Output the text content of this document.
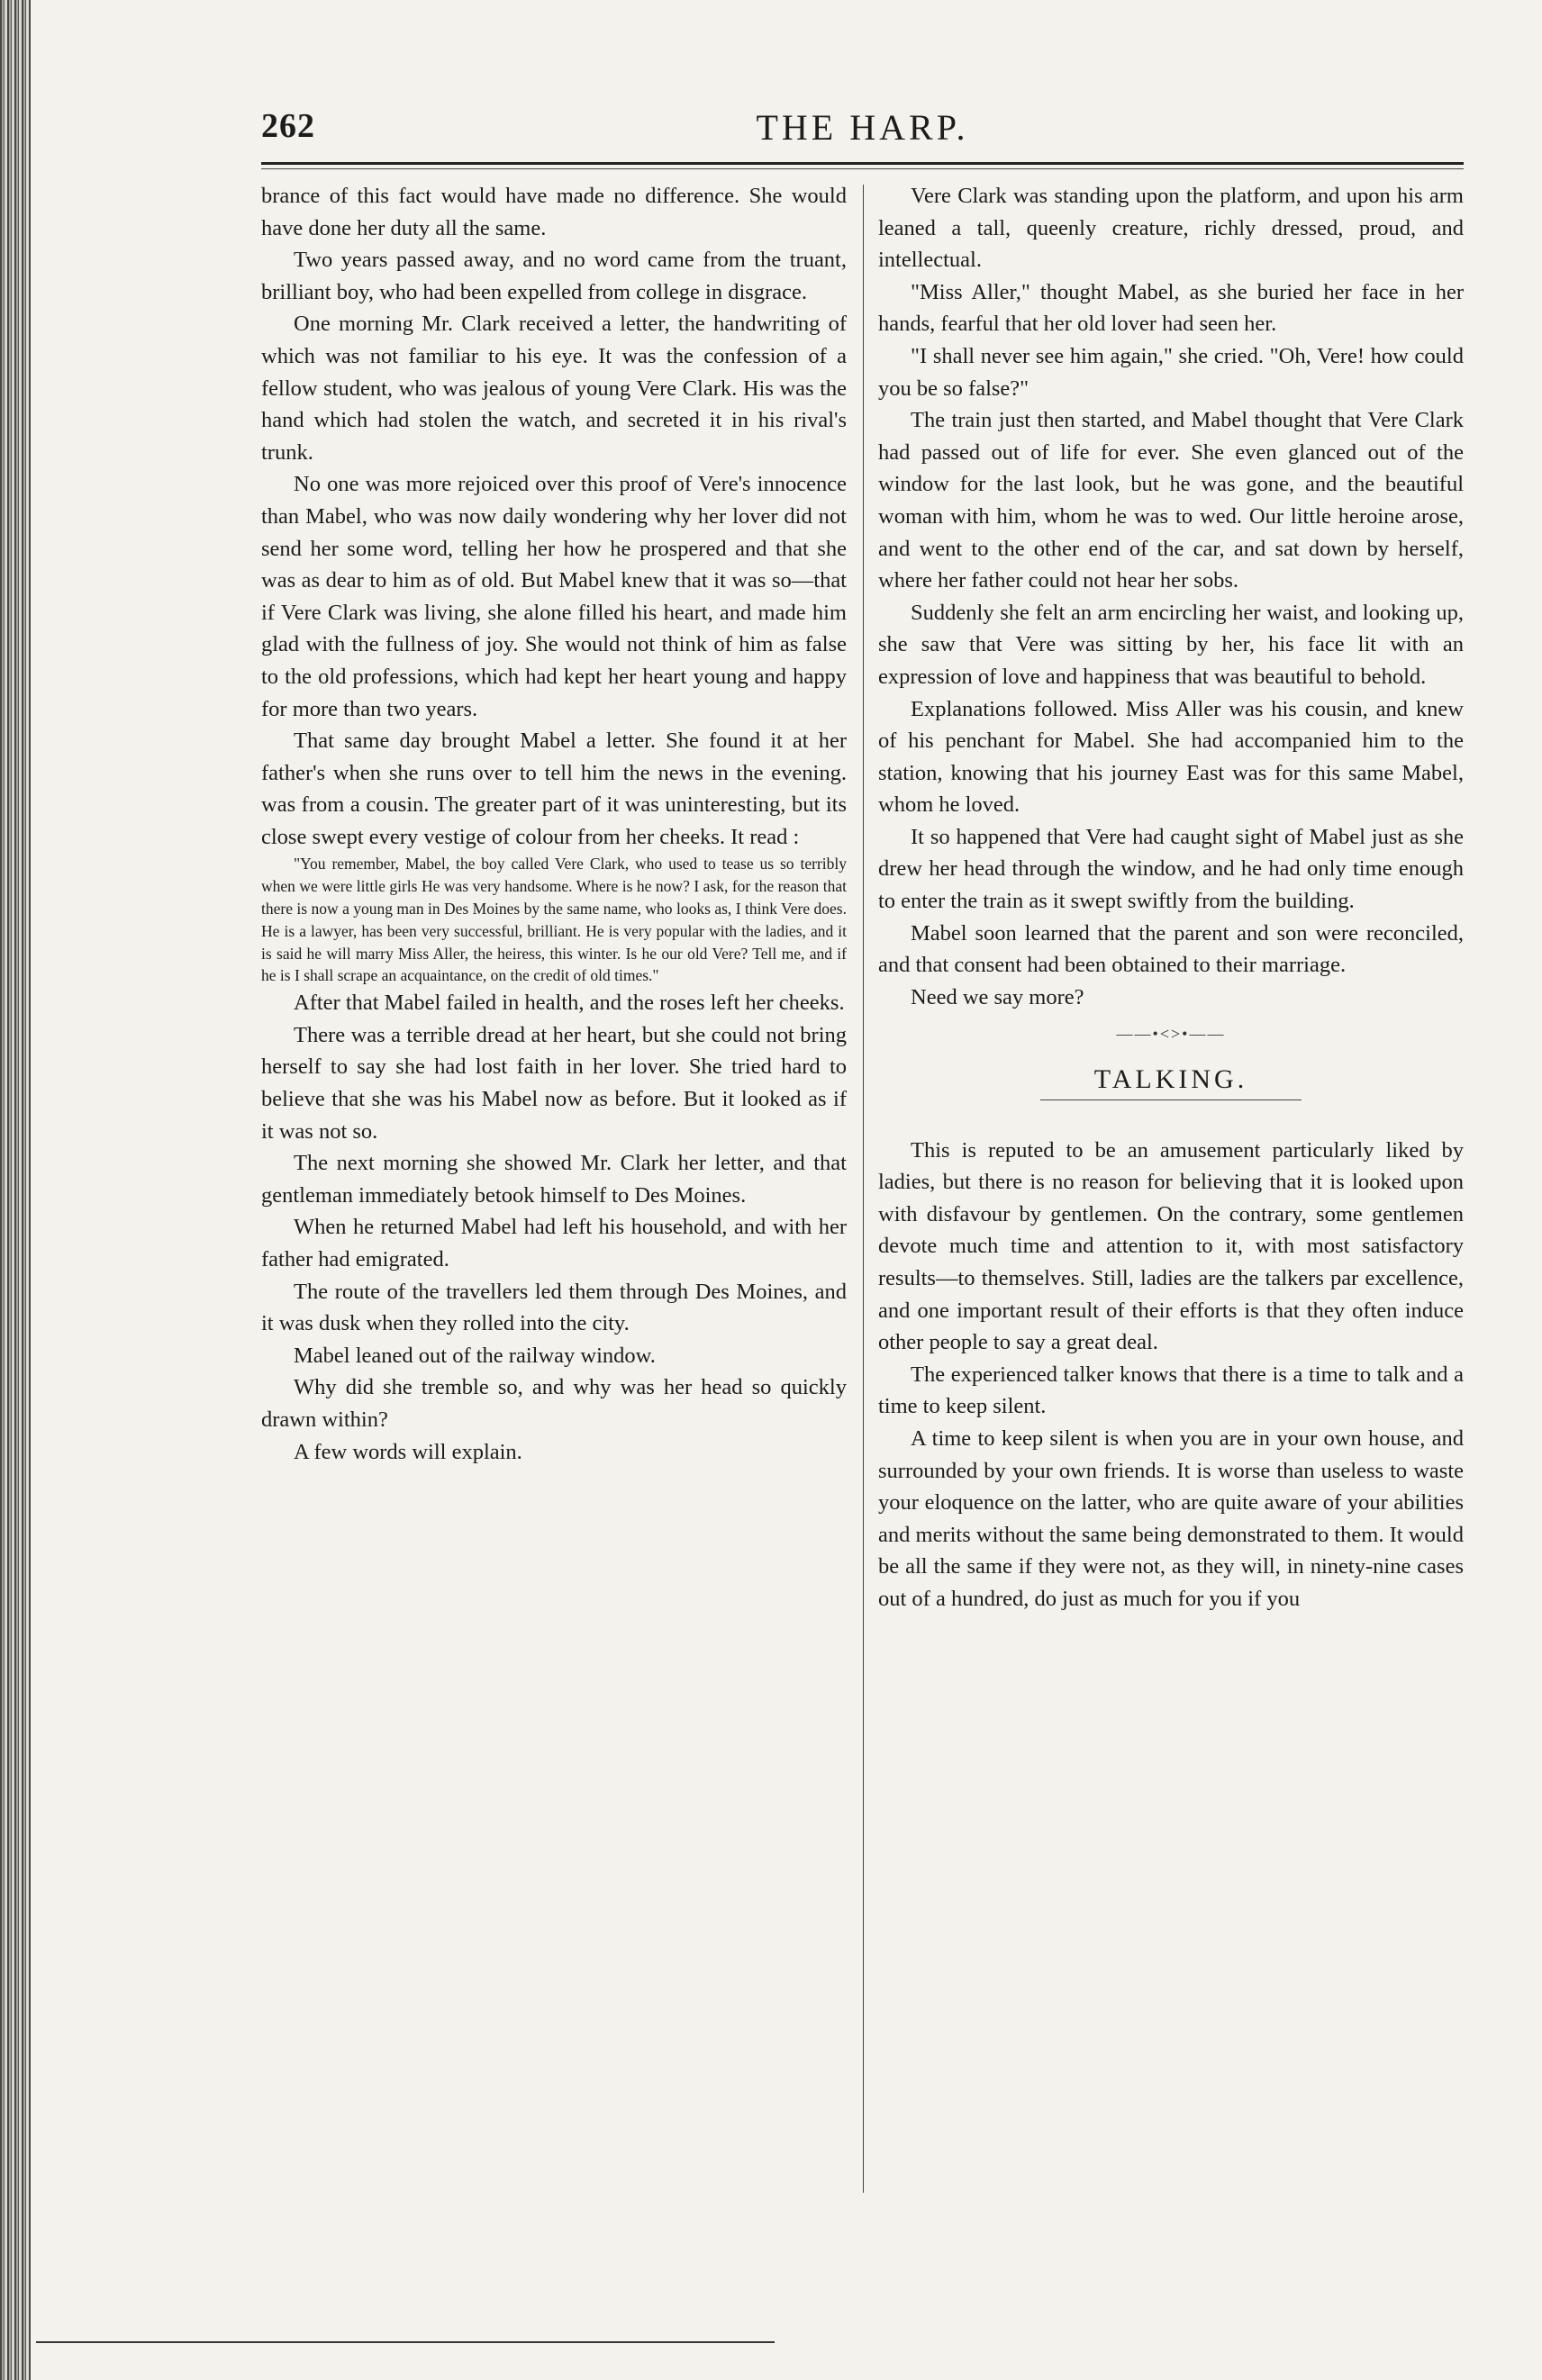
262	THE HARP.

brance of this fact would have made no difference. She would have done her duty all the same.

Two years passed away, and no word came from the truant, brilliant boy, who had been expelled from college in disgrace.

One morning Mr. Clark received a letter, the handwriting of which was not familiar to his eye. It was the confession of a fellow student, who was jealous of young Vere Clark. His was the hand which had stolen the watch, and secreted it in his rival's trunk.

No one was more rejoiced over this proof of Vere's innocence than Mabel, who was now daily wondering why her lover did not send her some word, telling her how he prospered and that she was as dear to him as of old. But Mabel knew that it was so—that if Vere Clark was living, she alone filled his heart, and made him glad with the fullness of joy. She would not think of him as false to the old professions, which had kept her heart young and happy for more than two years.

That same day brought Mabel a letter. She found it at her father's when she runs over to tell him the news in the evening. was from a cousin. The greater part of it was uninteresting, but its close swept every vestige of colour from her cheeks. It read :

"You remember, Mabel, the boy called Vere Clark, who used to tease us so terribly when we were little girls He was very handsome. Where is he now? I ask, for the reason that there is now a young man in Des Moines by the same name, who looks as, I think Vere does. He is a lawyer, has been very successful, brilliant. He is very popular with the ladies, and it is said he will marry Miss Aller, the heiress, this winter. Is he our old Vere? Tell me, and if he is I shall scrape an acquaintance, on the credit of old times."

After that Mabel failed in health, and the roses left her cheeks.

There was a terrible dread at her heart, but she could not bring herself to say she had lost faith in her lover. She tried hard to believe that she was his Mabel now as before. But it looked as if it was not so.

The next morning she showed Mr. Clark her letter, and that gentleman immediately betook himself to Des Moines.

When he returned Mabel had left his household, and with her father had emigrated.

The route of the travellers led them through Des Moines, and it was dusk when they rolled into the city.

Mabel leaned out of the railway window.

Why did she tremble so, and why was her head so quickly drawn within?

A few words will explain.

Vere Clark was standing upon the platform, and upon his arm leaned a tall, queenly creature, richly dressed, proud, and intellectual.

"Miss Aller," thought Mabel, as she buried her face in her hands, fearful that her old lover had seen her.

"I shall never see him again," she cried. "Oh, Vere! how could you be so false?"

The train just then started, and Mabel thought that Vere Clark had passed out of life for ever. She even glanced out of the window for the last look, but he was gone, and the beautiful woman with him, whom he was to wed. Our little heroine arose, and went to the other end of the car, and sat down by herself, where her father could not hear her sobs.

Suddenly she felt an arm encircling her waist, and looking up, she saw that Vere was sitting by her, his face lit with an expression of love and happiness that was beautiful to behold.

Explanations followed. Miss Aller was his cousin, and knew of his penchant for Mabel. She had accompanied him to the station, knowing that his journey East was for this same Mabel, whom he loved.

It so happened that Vere had caught sight of Mabel just as she drew her head through the window, and he had only time enough to enter the train as it swept swiftly from the building.

Mabel soon learned that the parent and son were reconciled, and that consent had been obtained to their marriage.

Need we say more?

——•<>•——
TALKING.

This is reputed to be an amusement particularly liked by ladies, but there is no reason for believing that it is looked upon with disfavour by gentlemen. On the contrary, some gentlemen devote much time and attention to it, with most satisfactory results—to themselves. Still, ladies are the talkers par excellence, and one important result of their efforts is that they often induce other people to say a great deal.

The experienced talker knows that there is a time to talk and a time to keep silent.

A time to keep silent is when you are in your own house, and surrounded by your own friends. It is worse than useless to waste your eloquence on the latter, who are quite aware of your abilities and merits without the same being demonstrated to them. It would be all the same if they were not, as they will, in ninety-nine cases out of a hundred, do just as much for you if you
